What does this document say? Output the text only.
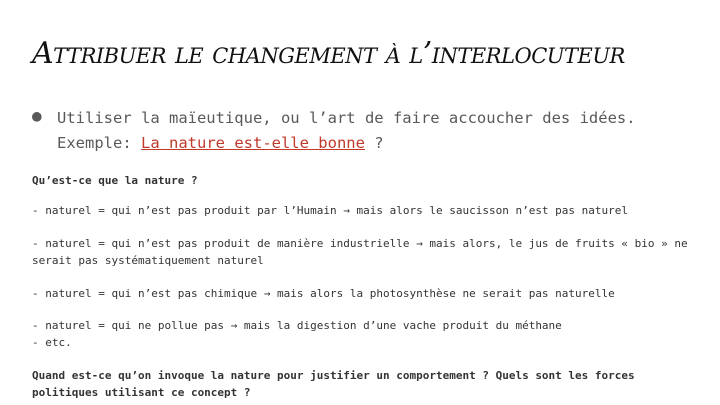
Attribuer le changement à l’interlocuteur
● Utiliser la maïeutique, ou l’art de faire accoucher des idées. Exemple: La nature est-elle bonne ?
Qu’est-ce que la nature ?
- naturel = qui n’est pas produit par l’Humain → mais alors le saucisson n’est pas naturel
- naturel = qui n’est pas produit de manière industrielle → mais alors, le jus de fruits « bio » ne serait pas systématiquement naturel
- naturel = qui n’est pas chimique → mais alors la photosynthèse ne serait pas naturelle
- naturel = qui ne pollue pas → mais la digestion d’une vache produit du méthane
- etc.
Quand est-ce qu’on invoque la nature pour justifier un comportement ? Quels sont les forces politiques utilisant ce concept ?
